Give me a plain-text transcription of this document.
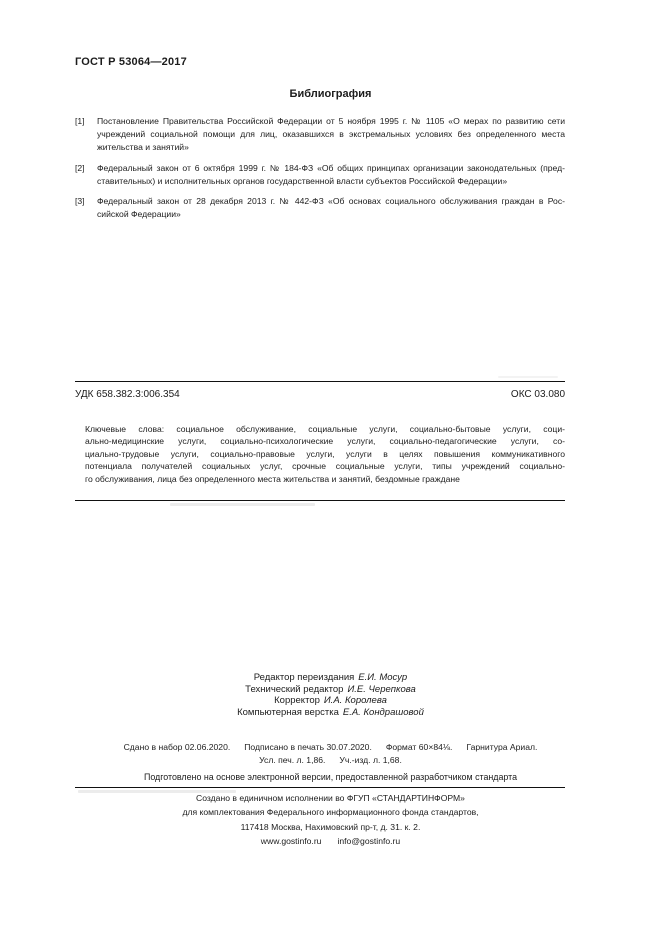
ГОСТ Р 53064—2017
Библиография
[1] Постановление Правительства Российской Федерации от 5 ноября 1995 г. № 1105 «О мерах по развитию сети
учреждений социальной помощи для лиц, оказавшихся в экстремальных условиях без определенного места
жительства и занятий»
[2] Федеральный закон от 6 октября 1999 г. № 184-ФЗ «Об общих принципах организации законодательных (пред-
ставительных) и исполнительных органов государственной власти субъектов Российской Федерации»
[3] Федеральный закон от 28 декабря 2013 г. № 442-ФЗ «Об основах социального обслуживания граждан в Рос-
сийской Федерации»
УДК 658.382.3:006.354	ОКС 03.080
Ключевые слова: социальное обслуживание, социальные услуги, социально-бытовые услуги, соци-
ально-медицинские услуги, социально-психологические услуги, социально-педагогические услуги, со-
циально-трудовые услуги, социально-правовые услуги, услуги в целях повышения коммуникативного
потенциала получателей социальных услуг, срочные социальные услуги, типы учреждений социально-
го обслуживания, лица без определенного места жительства и занятий, бездомные граждане
Редактор переиздания Е.И. Мосур
Технический редактор И.Е. Черепкова
Корректор И.А. Королева
Компьютерная верстка Е.А. Кондрашовой
Сдано в набор 02.06.2020. Подписано в печать 30.07.2020. Формат 60×84⅛. Гарнитура Ариал.
Усл. печ. л. 1,86. Уч.-изд. л. 1,68.
Подготовлено на основе электронной версии, предоставленной разработчиком стандарта
Создано в единичном исполнении во ФГУП «СТАНДАРТИНФОРМ»
для комплектования Федерального информационного фонда стандартов,
117418 Москва, Нахимовский пр-т, д. 31. к. 2.
www.gostinfo.ru info@gostinfo.ru
